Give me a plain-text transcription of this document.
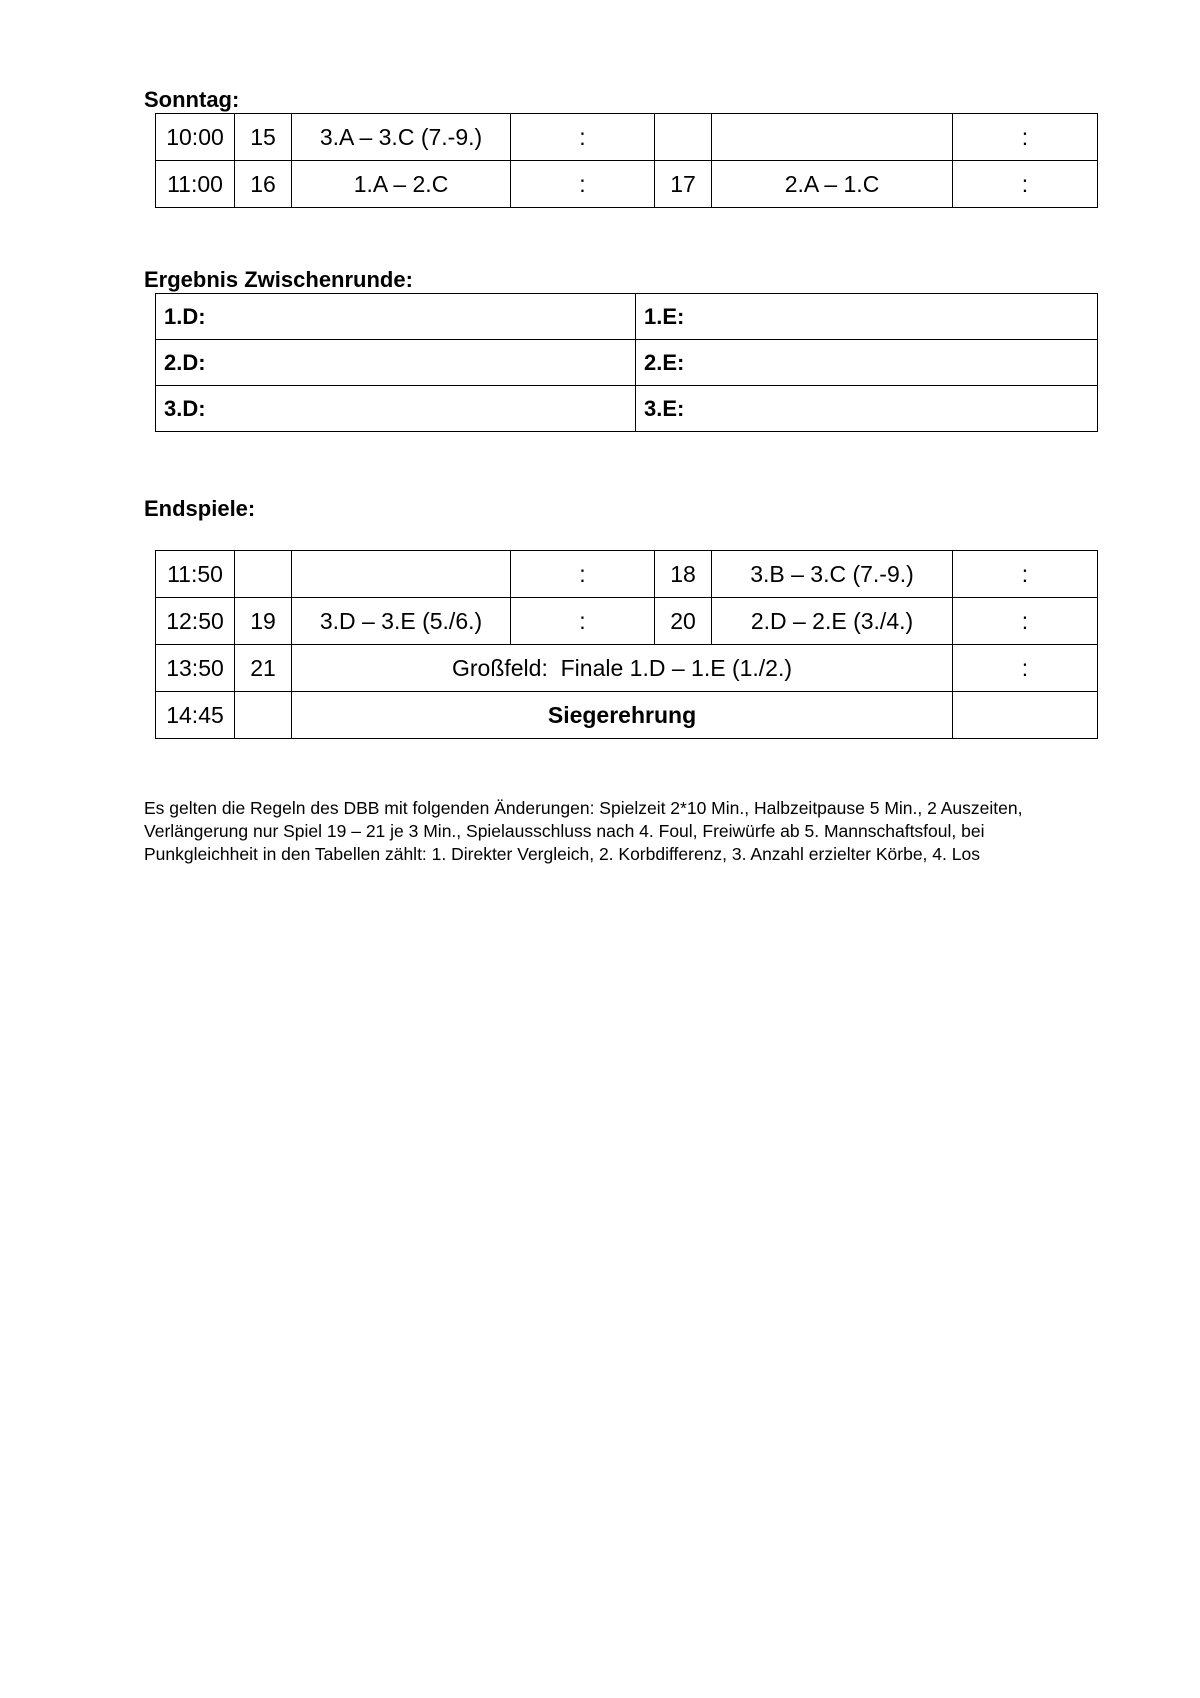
Sonntag:
10:00	15	3.A – 3.C (7.-9.)	:			:
11:00	16	1.A – 2.C	:	17	2.A – 1.C	:
Ergebnis Zwischenrunde:
1.D:	1.E:
2.D:	2.E:
3.D:	3.E:
Endspiele:
11:50			:	18	3.B – 3.C (7.-9.)	:
12:50	19	3.D – 3.E (5./6.)	:	20	2.D – 2.E (3./4.)	:
13:50	21	Großfeld:  Finale 1.D – 1.E (1./2.)				:
14:45		Siegerehrung				
Es gelten die Regeln des DBB mit folgenden Änderungen: Spielzeit 2*10 Min., Halbzeitpause 5 Min., 2 Auszeiten, Verlängerung nur Spiel 19 – 21 je 3 Min., Spielausschluss nach 4. Foul, Freiwürfe ab 5. Mannschaftsfoul, bei Punkgleichheit in den Tabellen zählt: 1. Direkter Vergleich, 2. Korbdifferenz, 3. Anzahl erzielter Körbe, 4. Los
